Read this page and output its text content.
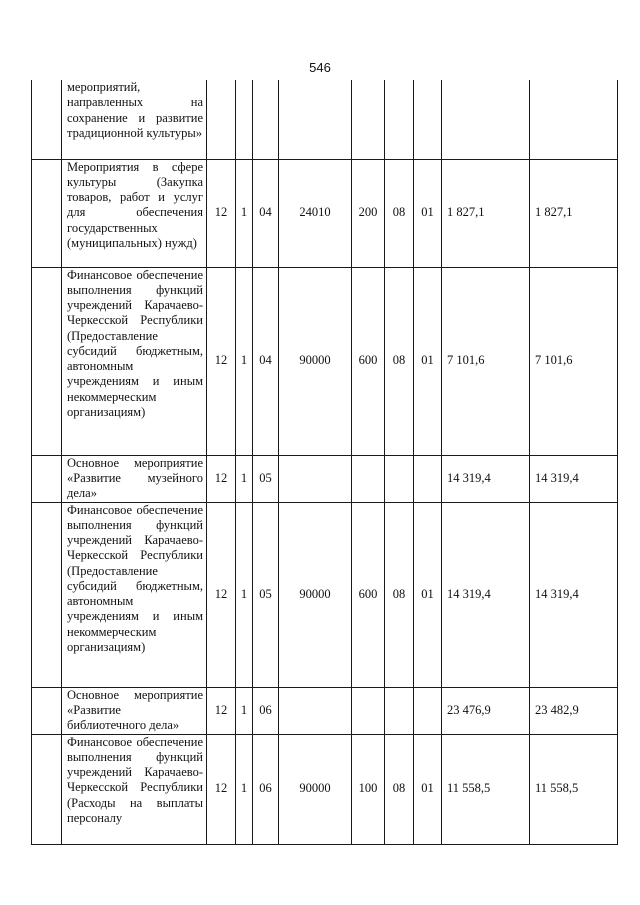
546
	мероприятий, направленных на сохранение и развитие традиционной культуры»									
	Мероприятия в сфере культуры (Закупка товаров, работ и услуг для обеспечения государственных (муниципальных) нужд)	12	1	04	24010	200	08	01	1 827,1	1 827,1
	Финансовое обеспечение выполнения функций учреждений Карачаево-Черкесской Республики (Предоставление субсидий бюджетным, автономным учреждениям и иным некоммерческим организациям)	12	1	04	90000	600	08	01	7 101,6	7 101,6
	Основное мероприятие «Развитие музейного дела»	12	1	05					14 319,4	14 319,4
	Финансовое обеспечение выполнения функций учреждений Карачаево-Черкесской Республики (Предоставление субсидий бюджетным, автономным учреждениям и иным некоммерческим организациям)	12	1	05	90000	600	08	01	14 319,4	14 319,4
	Основное мероприятие «Развитие библиотечного дела»	12	1	06					23 476,9	23 482,9
	Финансовое обеспечение выполнения функций учреждений Карачаево-Черкесской Республики (Расходы на выплаты персоналу	12	1	06	90000	100	08	01	11 558,5	11 558,5
